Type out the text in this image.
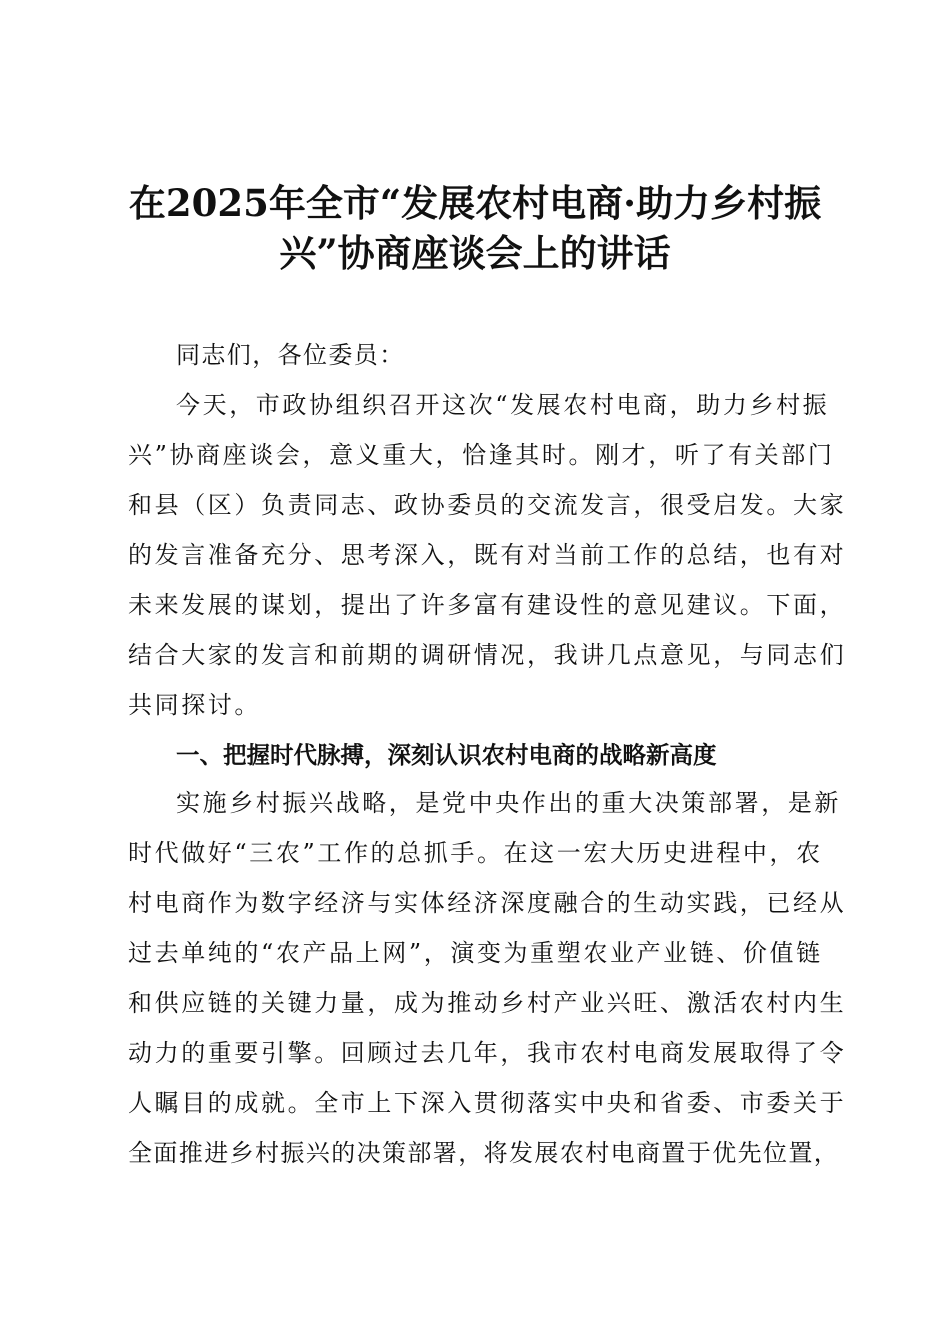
在2025年全市“发展农村电商·助力乡村振
兴”协商座谈会上的讲话

同志们，各位委员：

今天，市政协组织召开这次“发展农村电商，助力乡村振

兴”协商座谈会，意义重大，恰逢其时。刚才，听了有关部门

和县（区）负责同志、政协委员的交流发言，很受启发。大家

的发言准备充分、思考深入，既有对当前工作的总结，也有对

未来发展的谋划，提出了许多富有建设性的意见建议。下面，

结合大家的发言和前期的调研情况，我讲几点意见，与同志们

共同探讨。

一、把握时代脉搏，深刻认识农村电商的战略新高度

实施乡村振兴战略，是党中央作出的重大决策部署，是新

时代做好“三农”工作的总抓手。在这一宏大历史进程中，农

村电商作为数字经济与实体经济深度融合的生动实践，已经从

过去单纯的“农产品上网”，演变为重塑农业产业链、价值链

和供应链的关键力量，成为推动乡村产业兴旺、激活农村内生

动力的重要引擎。回顾过去几年，我市农村电商发展取得了令

人瞩目的成就。全市上下深入贯彻落实中央和省委、市委关于

全面推进乡村振兴的决策部署，将发展农村电商置于优先位置，
